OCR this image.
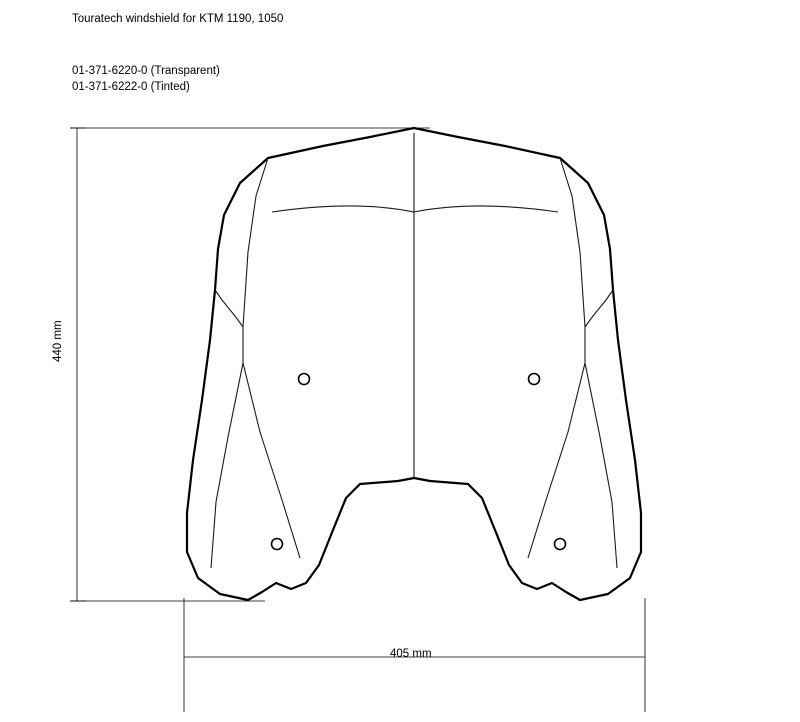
Touratech windshield for KTM 1190, 1050
01-371-6220-0 (Transparent)
01-371-6222-0 (Tinted)
440 mm
405 mm
